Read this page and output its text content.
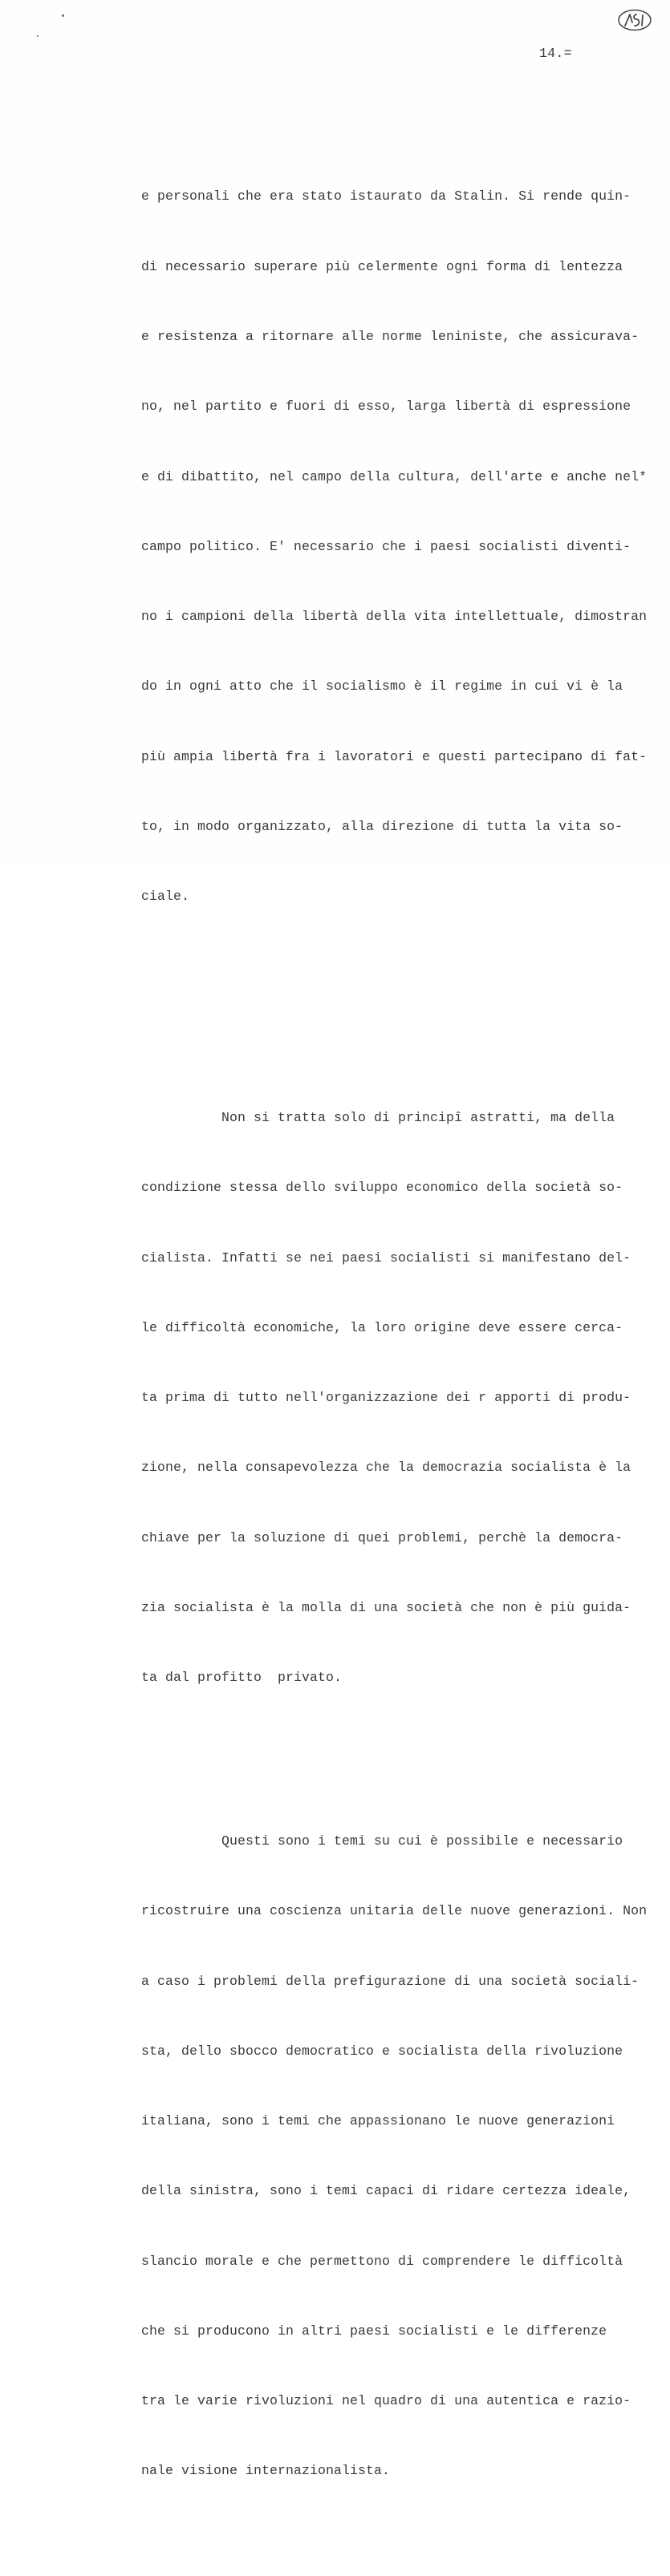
14.=

e personali che era stato istaurato da Stalin. Si rende quin-

di necessario superare più celermente ogni forma di lentezza

e resistenza a ritornare alle norme leniniste, che assicurava-

no, nel partito e fuori di esso, larga libertà di espressione

e di dibattito, nel campo della cultura, dell'arte e anche nel*

campo politico. E' necessario che i paesi socialisti diventi-

no i campioni della libertà della vita intellettuale, dimostran

do in ogni atto che il socialismo è il regime in cui vi è la

più ampia libertà fra i lavoratori e questi partecipano di fat-

to, in modo organizzato, alla direzione di tutta la vita so-

ciale.

Non si tratta solo di principî astratti, ma della

condizione stessa dello sviluppo economico della società so-

cialista. Infatti se nei paesi socialisti si manifestano del-

le difficoltà economiche, la loro origine deve essere cerca-

ta prima di tutto nell'organizzazione dei r apporti di produ-

zione, nella consapevolezza che la democrazia socialista è la

chiave per la soluzione di quei problemi, perchè la democra-

zia socialista è la molla di una società che non è più guida-

ta dal profitto  privato.

Questi sono i temi su cui è possibile e necessario

ricostruire una coscienza unitaria delle nuove generazioni. Non

a caso i problemi della prefigurazione di una società sociali-

sta, dello sbocco democratico e socialista della rivoluzione

italiana, sono i temi che appassionano le nuove generazioni

della sinistra, sono i temi capaci di ridare certezza ideale,

slancio morale e che permettono di comprendere le difficoltà

che si producono in altri paesi socialisti e le differenze

tra le varie rivoluzioni nel quadro di una autentica e razio-

nale visione internazionalista.
